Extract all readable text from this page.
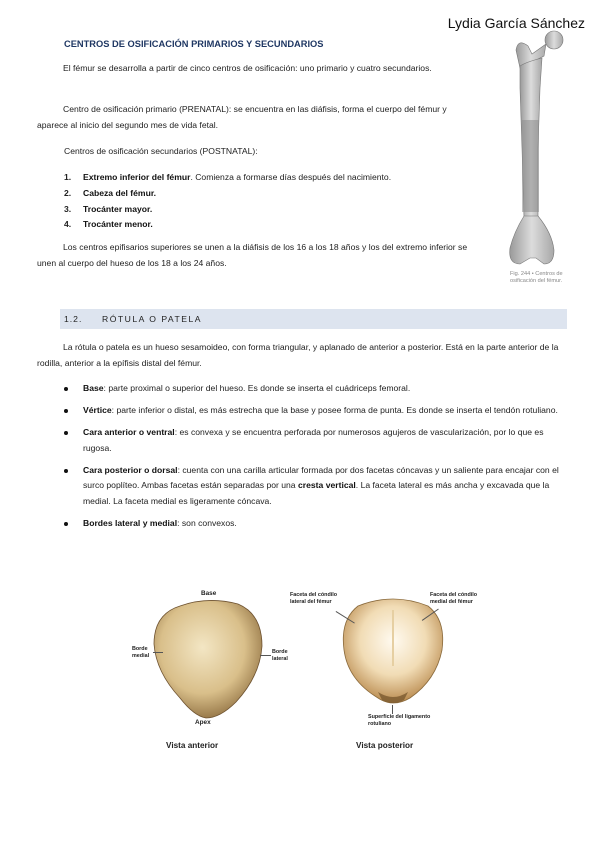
Lydia García Sánchez
CENTROS DE OSIFICACIÓN PRIMARIOS Y SECUNDARIOS
El fémur se desarrolla a partir de cinco centros de osificación: uno primario y cuatro secundarios.
Centro de osificación primario (PRENATAL): se encuentra en las diáfisis, forma el cuerpo del fémur y aparece al inicio del segundo mes de vida fetal.
Centros de osificación secundarios (POSTNATAL):
1. Extremo inferior del fémur. Comienza a formarse días después del nacimiento.
2. Cabeza del fémur.
3. Trocánter mayor.
4. Trocánter menor.
Los centros epifisarios superiores se unen a la diáfisis de los 16 a los 18 años y los del extremo inferior se unen al cuerpo del hueso de los 18 a los 24 años.
Fig. 244 • Centros de osificación del fémur.
1.2. RÓTULA O PATELA
La rótula o patela es un hueso sesamoideo, con forma triangular, y aplanado de anterior a posterior. Está en la parte anterior de la rodilla, anterior a la epífisis distal del fémur.
Base: parte proximal o superior del hueso. Es donde se inserta el cuádriceps femoral.
Vértice: parte inferior o distal, es más estrecha que la base y posee forma de punta. Es donde se inserta el tendón rotuliano.
Cara anterior o ventral: es convexa y se encuentra perforada por numerosos agujeros de vascularización, por lo que es rugosa.
Cara posterior o dorsal: cuenta con una carilla articular formada por dos facetas cóncavas y un saliente para encajar con el surco poplíteo. Ambas facetas están separadas por una cresta vertical. La faceta lateral es más ancha y excavada que la medial. La faceta medial es ligeramente cóncava.
Bordes lateral y medial: son convexos.
Base
Borde medial
Borde lateral
Apex
Vista anterior
Faceta del cóndilo lateral del fémur
Faceta del cóndilo medial del fémur
Superficie del ligamento rotuliano
Vista posterior
